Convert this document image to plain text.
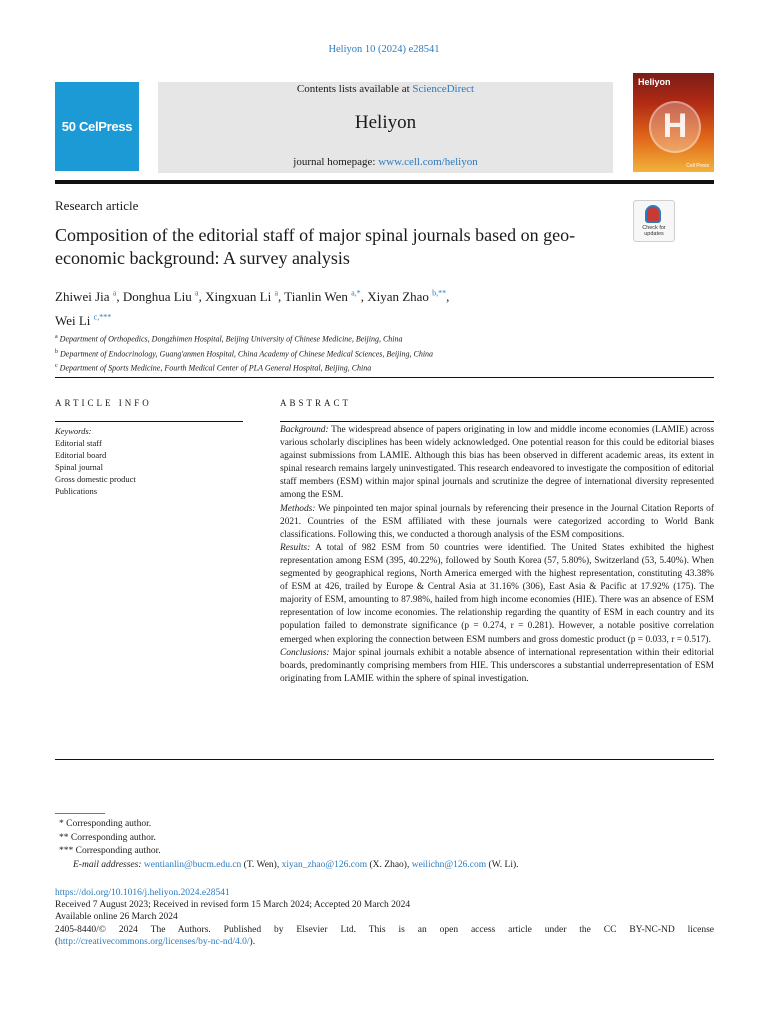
Heliyon 10 (2024) e28541
50 CelPress
Contents lists available at ScienceDirect
Heliyon
journal homepage: www.cell.com/heliyon
Heliyon
H
Cell Press
Research article
Composition of the editorial staff of major spinal journals based on geo-economic background: A survey analysis
Check for
updates
Zhiwei Jia $^a$, Donghua Liu $^a$, Xingxuan Li $^a$, Tianlin Wen $^{a,*}$, Xiyan Zhao $^{b,**}$,
Wei Li $^{c,***}$
$^a$ Department of Orthopedics, Dongzhimen Hospital, Beijing University of Chinese Medicine, Beijing, China
$^b$ Department of Endocrinology, Guang'anmen Hospital, China Academy of Chinese Medical Sciences, Beijing, China
$^c$ Department of Sports Medicine, Fourth Medical Center of PLA General Hospital, Beijing, China
ARTICLE INFO	ABSTRACT
Keywords:
Editorial staff
Editorial board
Spinal journal
Gross domestic product
Publications

Background: The widespread absence of papers originating in low and middle income economies (LAMIE) across various scholarly disciplines has been widely acknowledged. One potential reason for this could be editorial biases against submissions from LAMIE. Although this bias has been observed in different academic areas, its extent in spinal research remains largely uninvestigated. This research endeavored to investigate the composition of editorial staff members (ESM) within major spinal journals and scrutinize the degree of international diversity represented among the ESM.

Methods: We pinpointed ten major spinal journals by referencing their presence in the Journal Citation Reports of 2021. Countries of the ESM affiliated with these journals were categorized according to World Bank classifications. Following this, we conducted a thorough analysis of the ESM compositions.

Results: A total of 982 ESM from 50 countries were identified. The United States exhibited the highest representation among ESM (395, 40.22%), followed by South Korea (57, 5.80%), Switzerland (53, 5.40%). When segmented by geographical regions, North America emerged with the highest representation, constituting 43.38% of ESM at 426, trailed by Europe & Central Asia at 31.16% (306), East Asia & Pacific at 17.92% (175). The majority of ESM, amounting to 87.98%, hailed from high income economies (HIE). There was an absence of ESM representation of low income economies. The relationship regarding the quantity of ESM in each country and its population failed to demonstrate significance (p = 0.274, r = 0.281). However, a notable positive correlation emerged when exploring the connection between ESM numbers and gross domestic product (p = 0.033, r = 0.517).

Conclusions: Major spinal journals exhibit a notable absence of international representation within their editorial boards, predominantly comprising members from HIE. This underscores a substantial underrepresentation of ESM originating from LAMIE within the sphere of spinal investigation.

* Corresponding author.
** Corresponding author.
*** Corresponding author.
E-mail addresses: wentianlin@bucm.edu.cn (T. Wen), xiyan_zhao@126.com (X. Zhao), weilichn@126.com (W. Li).
https://doi.org/10.1016/j.heliyon.2024.e28541
Received 7 August 2023; Received in revised form 15 March 2024; Accepted 20 March 2024
Available online 26 March 2024
2405-8440/© 2024 The Authors. Published by Elsevier Ltd. This is an open access article under the CC BY-NC-ND license
(http://creativecommons.org/licenses/by-nc-nd/4.0/).
